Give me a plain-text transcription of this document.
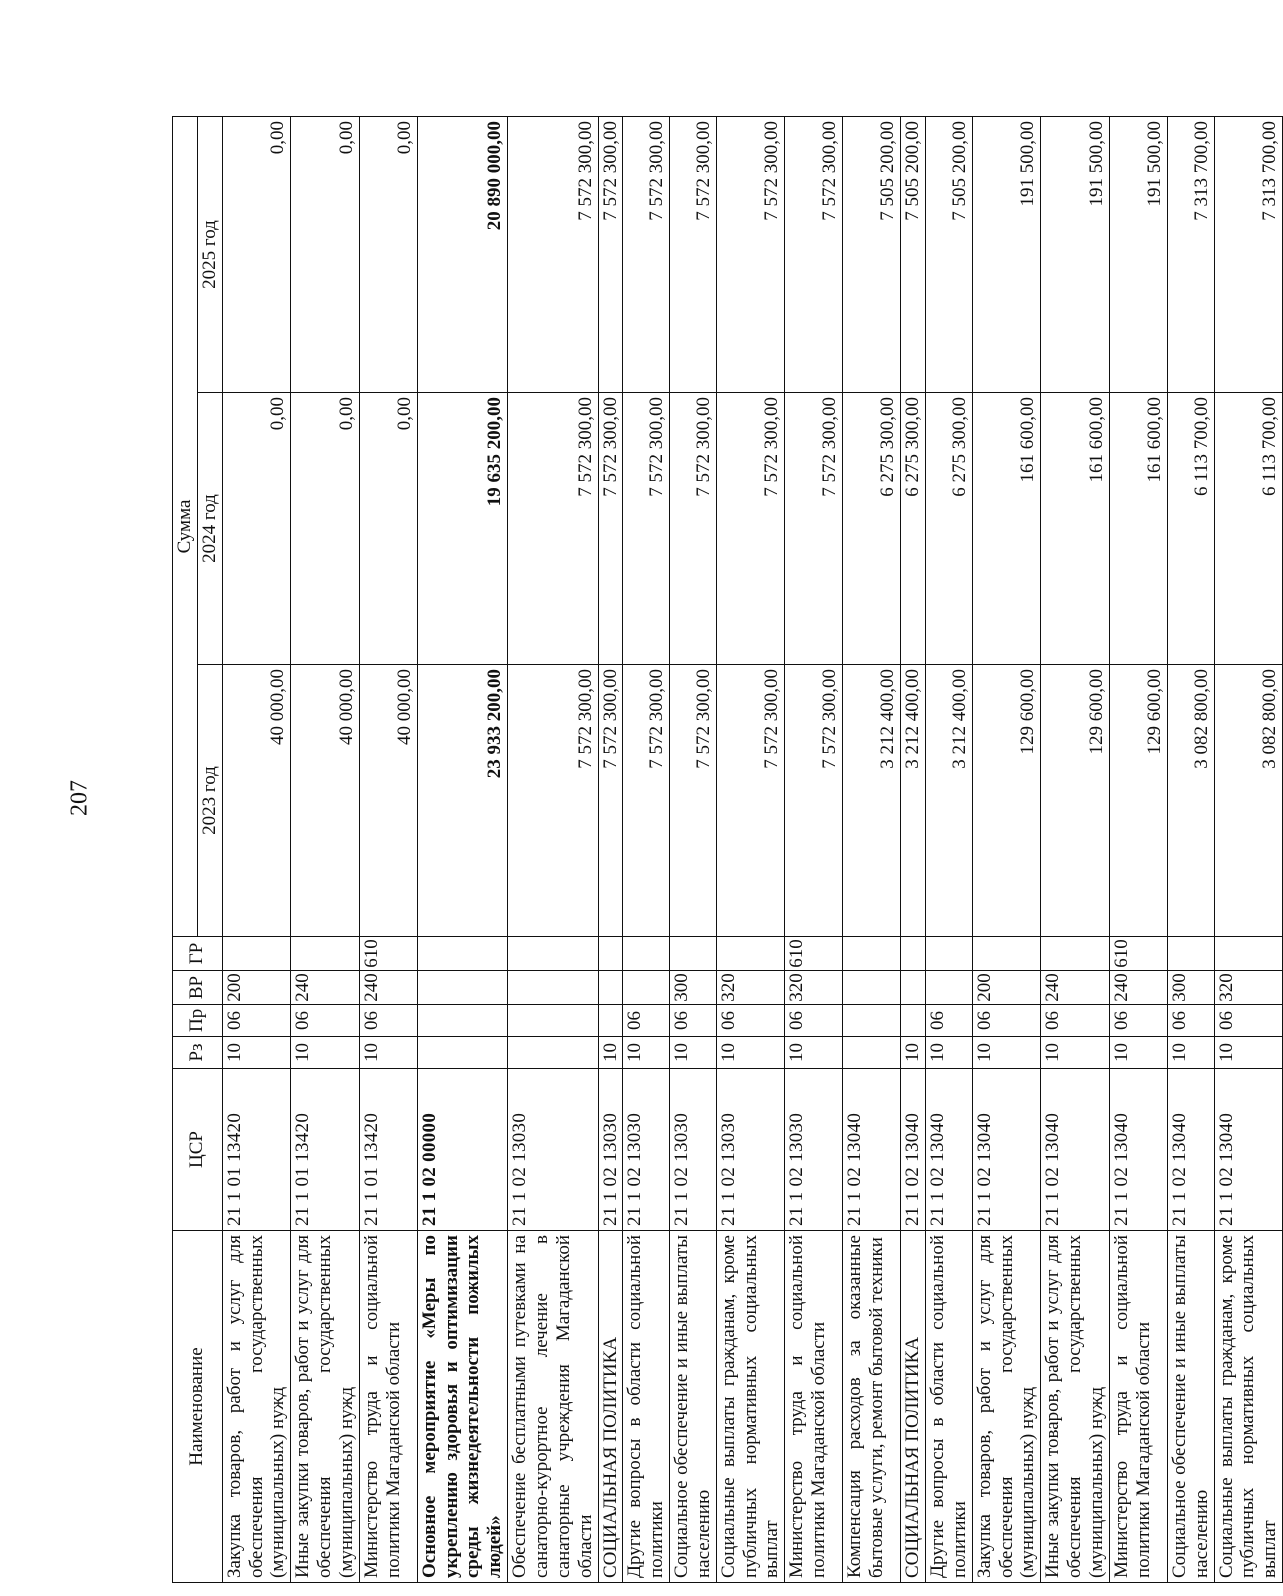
207
Наименование	ЦСР	Рз	Пр	ВР	ГР	Сумма		
						2023 год	2024 год	2025 год
Закупка товаров, работ и услуг для обеспечения государственных (муниципальных) нужд	21 1 01 13420	10	06	200		40 000,00	0,00	0,00
Иные закупки товаров, работ и услуг для обеспечения государственных (муниципальных) нужд	21 1 01 13420	10	06	240		40 000,00	0,00	0,00
Министерство труда и социальной политики Магаданской области	21 1 01 13420	10	06	240	610	40 000,00	0,00	0,00
Основное мероприятие «Меры по укреплению здоровья и оптимизации среды жизнедеятельности пожилых людей»	21 1 02 00000					23 933 200,00	19 635 200,00	20 890 000,00
Обеспечение бесплатными путевками на санаторно-курортное лечение в санаторные учреждения Магаданской области	21 1 02 13030					7 572 300,00	7 572 300,00	7 572 300,00
СОЦИАЛЬНАЯ ПОЛИТИКА	21 1 02 13030	10				7 572 300,00	7 572 300,00	7 572 300,00
Другие вопросы в области социальной политики	21 1 02 13030	10	06			7 572 300,00	7 572 300,00	7 572 300,00
Социальное обеспечение и иные выплаты населению	21 1 02 13030	10	06	300		7 572 300,00	7 572 300,00	7 572 300,00
Социальные выплаты гражданам, кроме публичных нормативных социальных выплат	21 1 02 13030	10	06	320		7 572 300,00	7 572 300,00	7 572 300,00
Министерство труда и социальной политики Магаданской области	21 1 02 13030	10	06	320	610	7 572 300,00	7 572 300,00	7 572 300,00
Компенсация расходов за оказанные бытовые услуги, ремонт бытовой техники	21 1 02 13040					3 212 400,00	6 275 300,00	7 505 200,00
СОЦИАЛЬНАЯ ПОЛИТИКА	21 1 02 13040	10				3 212 400,00	6 275 300,00	7 505 200,00
Другие вопросы в области социальной политики	21 1 02 13040	10	06			3 212 400,00	6 275 300,00	7 505 200,00
Закупка товаров, работ и услуг для обеспечения государственных (муниципальных) нужд	21 1 02 13040	10	06	200		129 600,00	161 600,00	191 500,00
Иные закупки товаров, работ и услуг для обеспечения государственных (муниципальных) нужд	21 1 02 13040	10	06	240		129 600,00	161 600,00	191 500,00
Министерство труда и социальной политики Магаданской области	21 1 02 13040	10	06	240	610	129 600,00	161 600,00	191 500,00
Социальное обеспечение и иные выплаты населению	21 1 02 13040	10	06	300		3 082 800,00	6 113 700,00	7 313 700,00
Социальные выплаты гражданам, кроме публичных нормативных социальных выплат	21 1 02 13040	10	06	320		3 082 800,00	6 113 700,00	7 313 700,00
